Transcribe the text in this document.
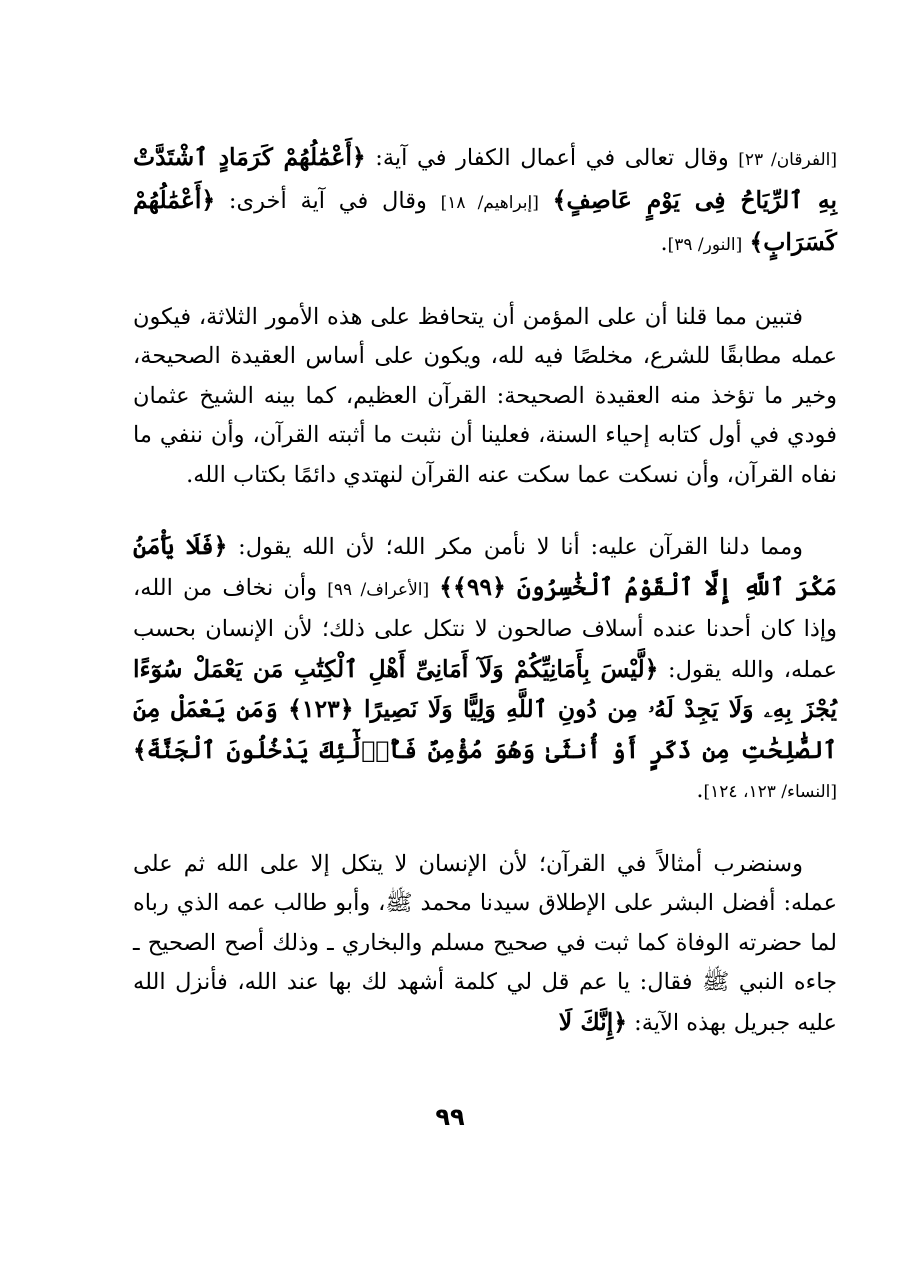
[الفرقان/ ٢٣] وقال تعالى في أعمال الكفار في آية: ﴿أَعْمَٰلُهُمْ كَرَمَادٍ ٱشْتَدَّتْ بِهِ ٱلرِّيَاحُ فِى يَوْمٍ عَاصِفٍ﴾ [إبراهيم/ ١٨] وقال في آية أخرى: ﴿أَعْمَٰلُهُمْ كَسَرَابٍ﴾ [النور/ ٣٩].

فتبين مما قلنا أن على المؤمن أن يتحافظ على هذه الأمور الثلاثة، فيكون عمله مطابقًا للشرع، مخلصًا فيه لله، ويكون على أساس العقيدة الصحيحة، وخير ما تؤخذ منه العقيدة الصحيحة: القرآن العظيم، كما بينه الشيخ عثمان فودي في أول كتابه إحياء السنة، فعلينا أن نثبت ما أثبته القرآن، وأن ننفي ما نفاه القرآن، وأن نسكت عما سكت عنه القرآن لنهتدي دائمًا بكتاب الله.

ومما دلنا القرآن عليه: أنا لا نأمن مكر الله؛ لأن الله يقول: ﴿فَلَا يَأْمَنُ مَكْرَ ٱللَّهِ إِلَّا ٱلْقَوْمُ ٱلْخَٰسِرُونَ ﴿٩٩﴾﴾ [الأعراف/ ٩٩] وأن نخاف من الله، وإذا كان أحدنا عنده أسلاف صالحون لا نتكل على ذلك؛ لأن الإنسان بحسب عمله، والله يقول: ﴿لَّيْسَ بِأَمَانِيِّكُمْ وَلَآ أَمَانِىِّ أَهْلِ ٱلْكِتَٰبِ مَن يَعْمَلْ سُوٓءًا يُجْزَ بِهِۦ وَلَا يَجِدْ لَهُۥ مِن دُونِ ٱللَّهِ وَلِيًّا وَلَا نَصِيرًا ﴿١٢٣﴾ وَمَن يَعْمَلْ مِنَ ٱلصَّٰلِحَٰتِ مِن ذَكَرٍ أَوْ أُنثَىٰ وَهُوَ مُؤْمِنٌ فَأُو۟لَٰٓئِكَ يَدْخُلُونَ ٱلْجَنَّةَ﴾ [النساء/ ١٢٣، ١٢٤].

وسنضرب أمثالاً في القرآن؛ لأن الإنسان لا يتكل إلا على الله ثم على عمله: أفضل البشر على الإطلاق سيدنا محمد ﷺ، وأبو طالب عمه الذي رباه لما حضرته الوفاة كما ثبت في صحيح مسلم والبخاري ـ وذلك أصح الصحيح ـ جاءه النبي ﷺ فقال: يا عم قل لي كلمة أشهد لك بها عند الله، فأنزل الله عليه جبريل بهذه الآية: ﴿إِنَّكَ لَا

٩٩
